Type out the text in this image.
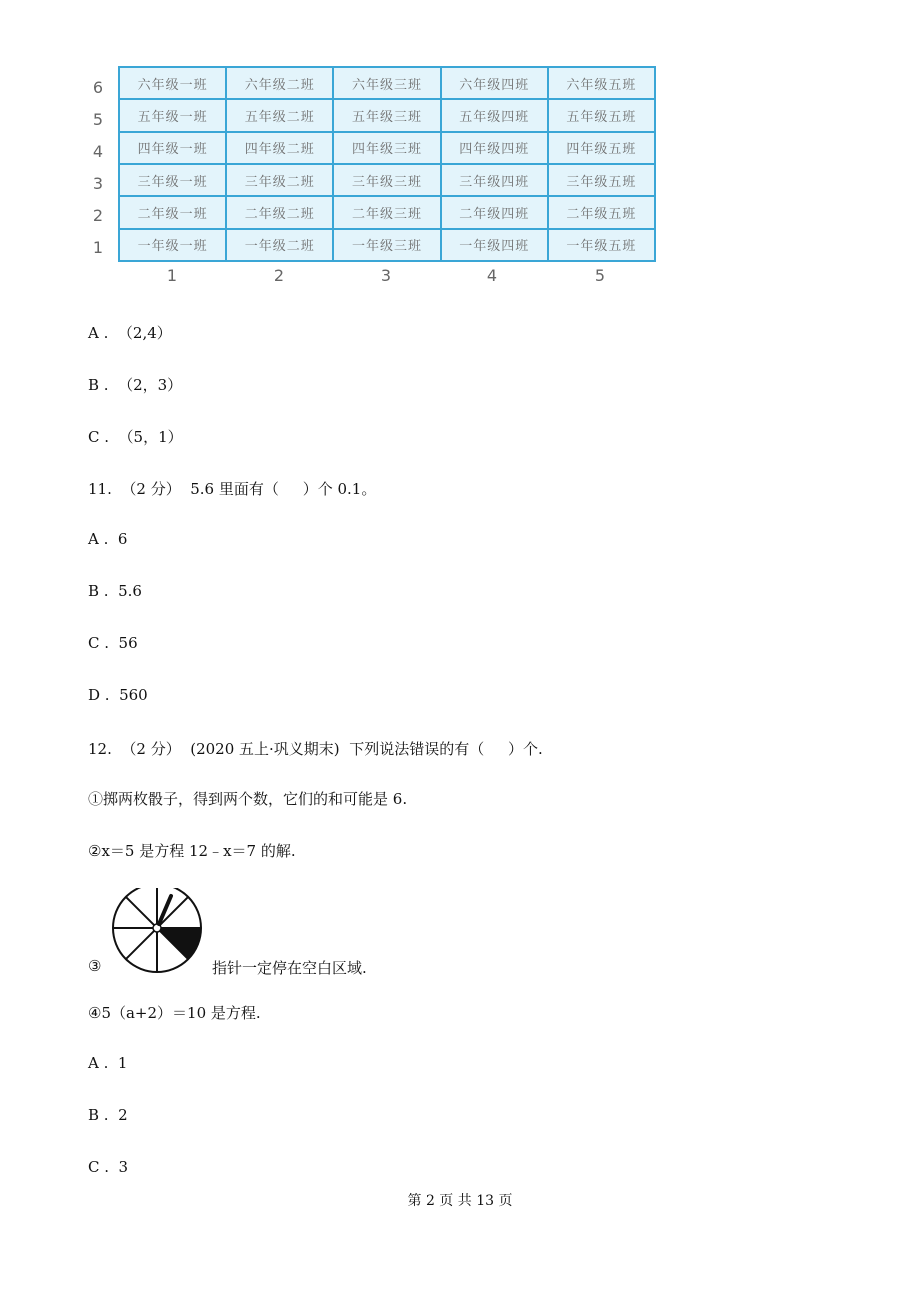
6
5
4
3
2
1
六年级一班	六年级二班	六年级三班	六年级四班	六年级五班
五年级一班	五年级二班	五年级三班	五年级四班	五年级五班
四年级一班	四年级二班	四年级三班	四年级四班	四年级五班
三年级一班	三年级二班	三年级三班	三年级四班	三年级五班
二年级一班	二年级二班	二年级三班	二年级四班	二年级五班
一年级一班	一年级二班	一年级三班	一年级四班	一年级五班
1	2	3	4	5
A .  （2,4）
B .  （2，3）
C .  （5，1）
11.  （2 分）  5.6 里面有（     ）个 0.1。
A .  6
B .  5.6
C .  56
D .  560
12.  （2 分）  (2020 五上·巩义期末)  下列说法错误的有（     ）个.
①掷两枚骰子，得到两个数，它们的和可能是 6.
②x＝5 是方程 12﹣x＝7 的解.
③	指针一定停在空白区域.
④5（a+2）＝10 是方程.
A .  1
B .  2
C .  3
第 2 页 共 13 页
